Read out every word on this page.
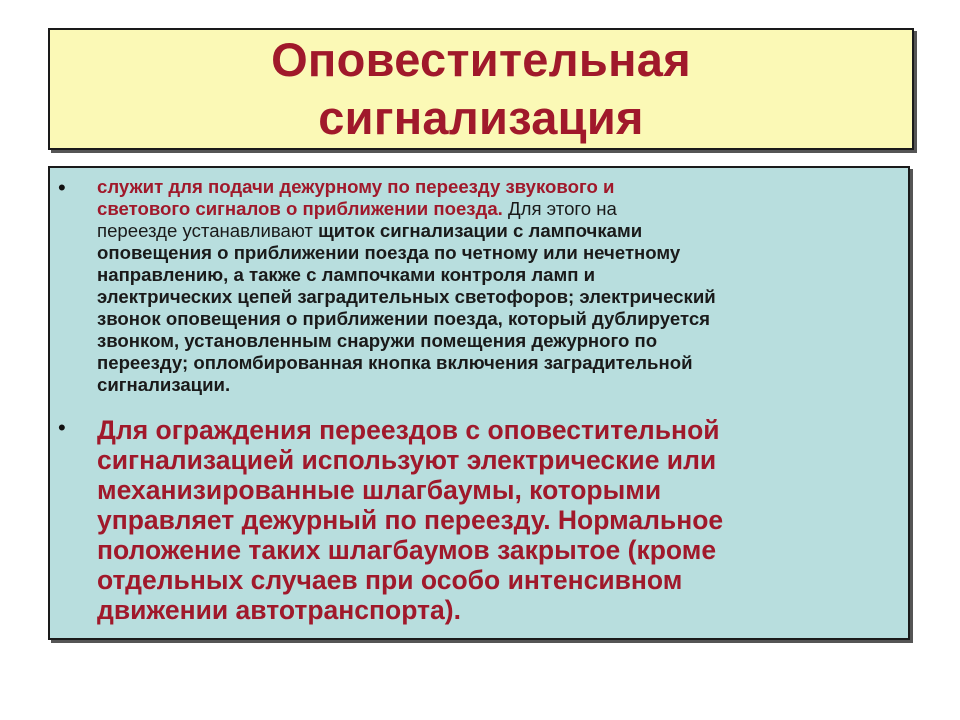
Оповестительная
сигнализация
• служит для подачи дежурному по переезду звукового и
светового сигналов о приближении поезда. Для этого на
переезде устанавливают щиток сигнализации с лампочками
оповещения о приближении поезда по четному или нечетному
направлению, а также с лампочками контроля ламп и
электрических цепей заградительных светофоров; электрический
звонок оповещения о приближении поезда, который дублируется
звонком, установленным снаружи помещения дежурного по
переезду; опломбированная кнопка включения заградительной
сигнализации.
• Для ограждения переездов с оповестительной
сигнализацией используют электрические или
механизированные шлагбаумы, которыми
управляет дежурный по переезду. Нормальное
положение таких шлагбаумов закрытое (кроме
отдельных случаев при особо интенсивном
движении автотранспорта).
